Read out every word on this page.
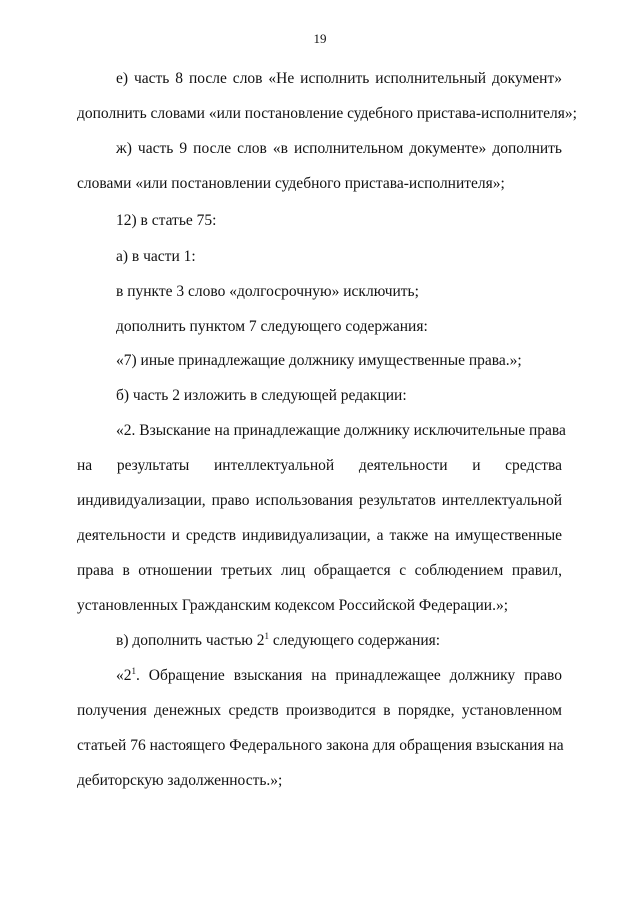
19
е) часть 8 после слов «Не исполнить исполнительный документ»
дополнить словами «или постановление судебного пристава-исполнителя»;
ж) часть 9 после слов «в исполнительном документе» дополнить
словами «или постановлении судебного пристава-исполнителя»;
12) в статье 75:
а) в части 1:
в пункте 3 слово «долгосрочную» исключить;
дополнить пунктом 7 следующего содержания:
«7) иные принадлежащие должнику имущественные права.»;
б) часть 2 изложить в следующей редакции:
«2. Взыскание на принадлежащие должнику исключительные права
на результаты интеллектуальной деятельности и средства
индивидуализации, право использования результатов интеллектуальной
деятельности и средств индивидуализации, а также на имущественные
права в отношении третьих лиц обращается с соблюдением правил,
установленных Гражданским кодексом Российской Федерации.»;
в) дополнить частью $2^1$ следующего содержания:
«$2^1$. Обращение взыскания на принадлежащее должнику право
получения денежных средств производится в порядке, установленном
статьей 76 настоящего Федерального закона для обращения взыскания на
дебиторскую задолженность.»;
